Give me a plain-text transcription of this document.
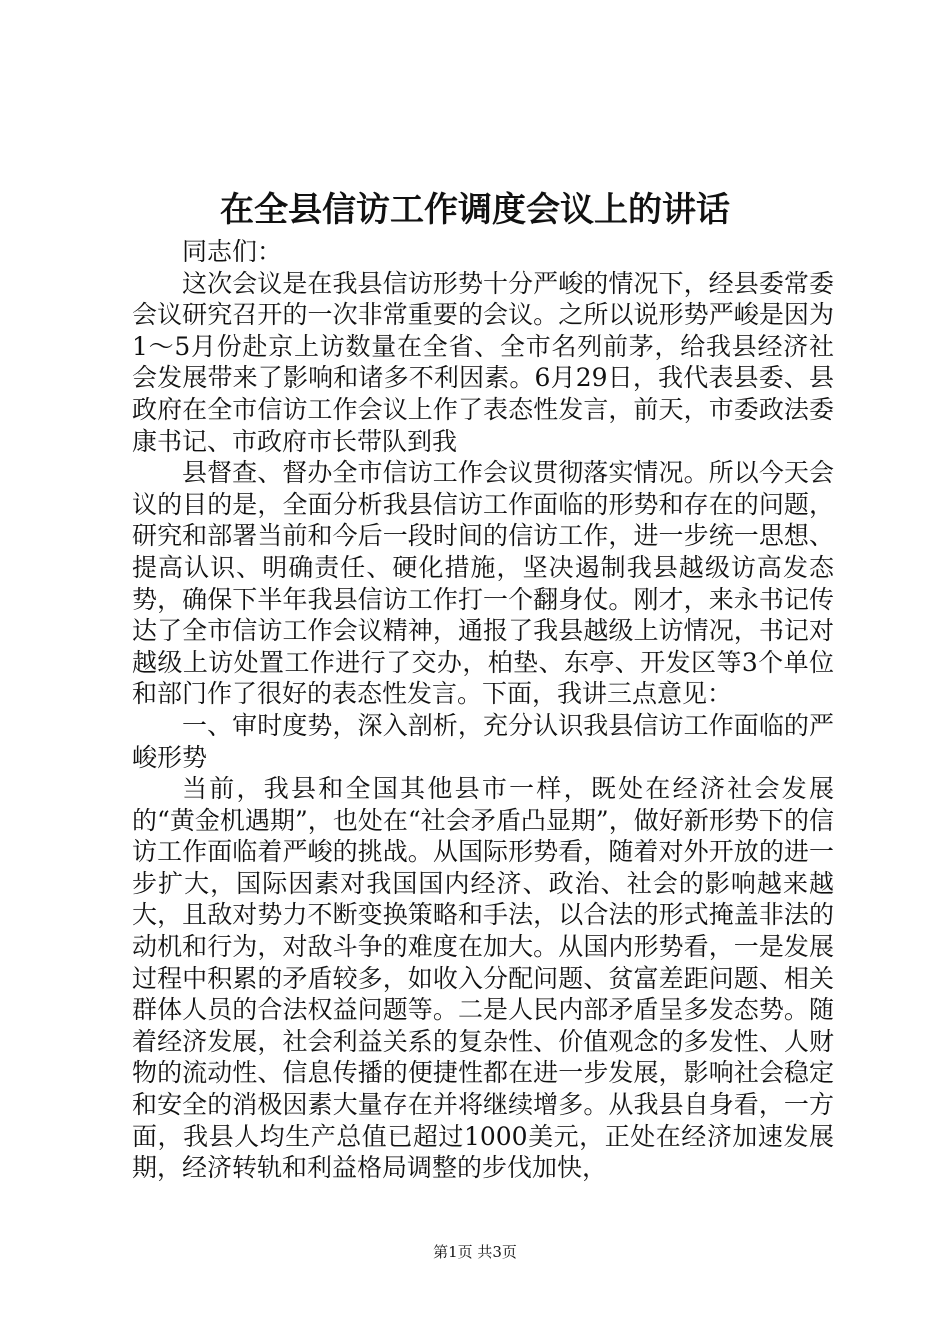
在全县信访工作调度会议上的讲话

同志们：

这次会议是在我县信访形势十分严峻的情况下，经县委常委会议研究召开的一次非常重要的会议。之所以说形势严峻是因为1～5月份赴京上访数量在全省、全市名列前茅，给我县经济社会发展带来了影响和诸多不利因素。6月29日，我代表县委、县政府在全市信访工作会议上作了表态性发言，前天，市委政法委康书记、市政府市长带队到我

县督查、督办全市信访工作会议贯彻落实情况。所以今天会议的目的是，全面分析我县信访工作面临的形势和存在的问题，研究和部署当前和今后一段时间的信访工作，进一步统一思想、提高认识、明确责任、硬化措施，坚决遏制我县越级访高发态势，确保下半年我县信访工作打一个翻身仗。刚才，来永书记传达了全市信访工作会议精神，通报了我县越级上访情况，书记对越级上访处置工作进行了交办，柏垫、东亭、开发区等3个单位和部门作了很好的表态性发言。下面，我讲三点意见：

一、审时度势，深入剖析，充分认识我县信访工作面临的严峻形势

当前，我县和全国其他县市一样，既处在经济社会发展的“黄金机遇期”，也处在“社会矛盾凸显期”，做好新形势下的信访工作面临着严峻的挑战。从国际形势看，随着对外开放的进一步扩大，国际因素对我国国内经济、政治、社会的影响越来越大，且敌对势力不断变换策略和手法，以合法的形式掩盖非法的动机和行为，对敌斗争的难度在加大。从国内形势看，一是发展过程中积累的矛盾较多，如收入分配问题、贫富差距问题、相关群体人员的合法权益问题等。二是人民内部矛盾呈多发态势。随着经济发展，社会利益关系的复杂性、价值观念的多发性、人财物的流动性、信息传播的便捷性都在进一步发展，影响社会稳定和安全的消极因素大量存在并将继续增多。从我县自身看，一方面，我县人均生产总值已超过1000美元，正处在经济加速发展期，经济转轨和利益格局调整的步伐加快，

第1页 共3页
